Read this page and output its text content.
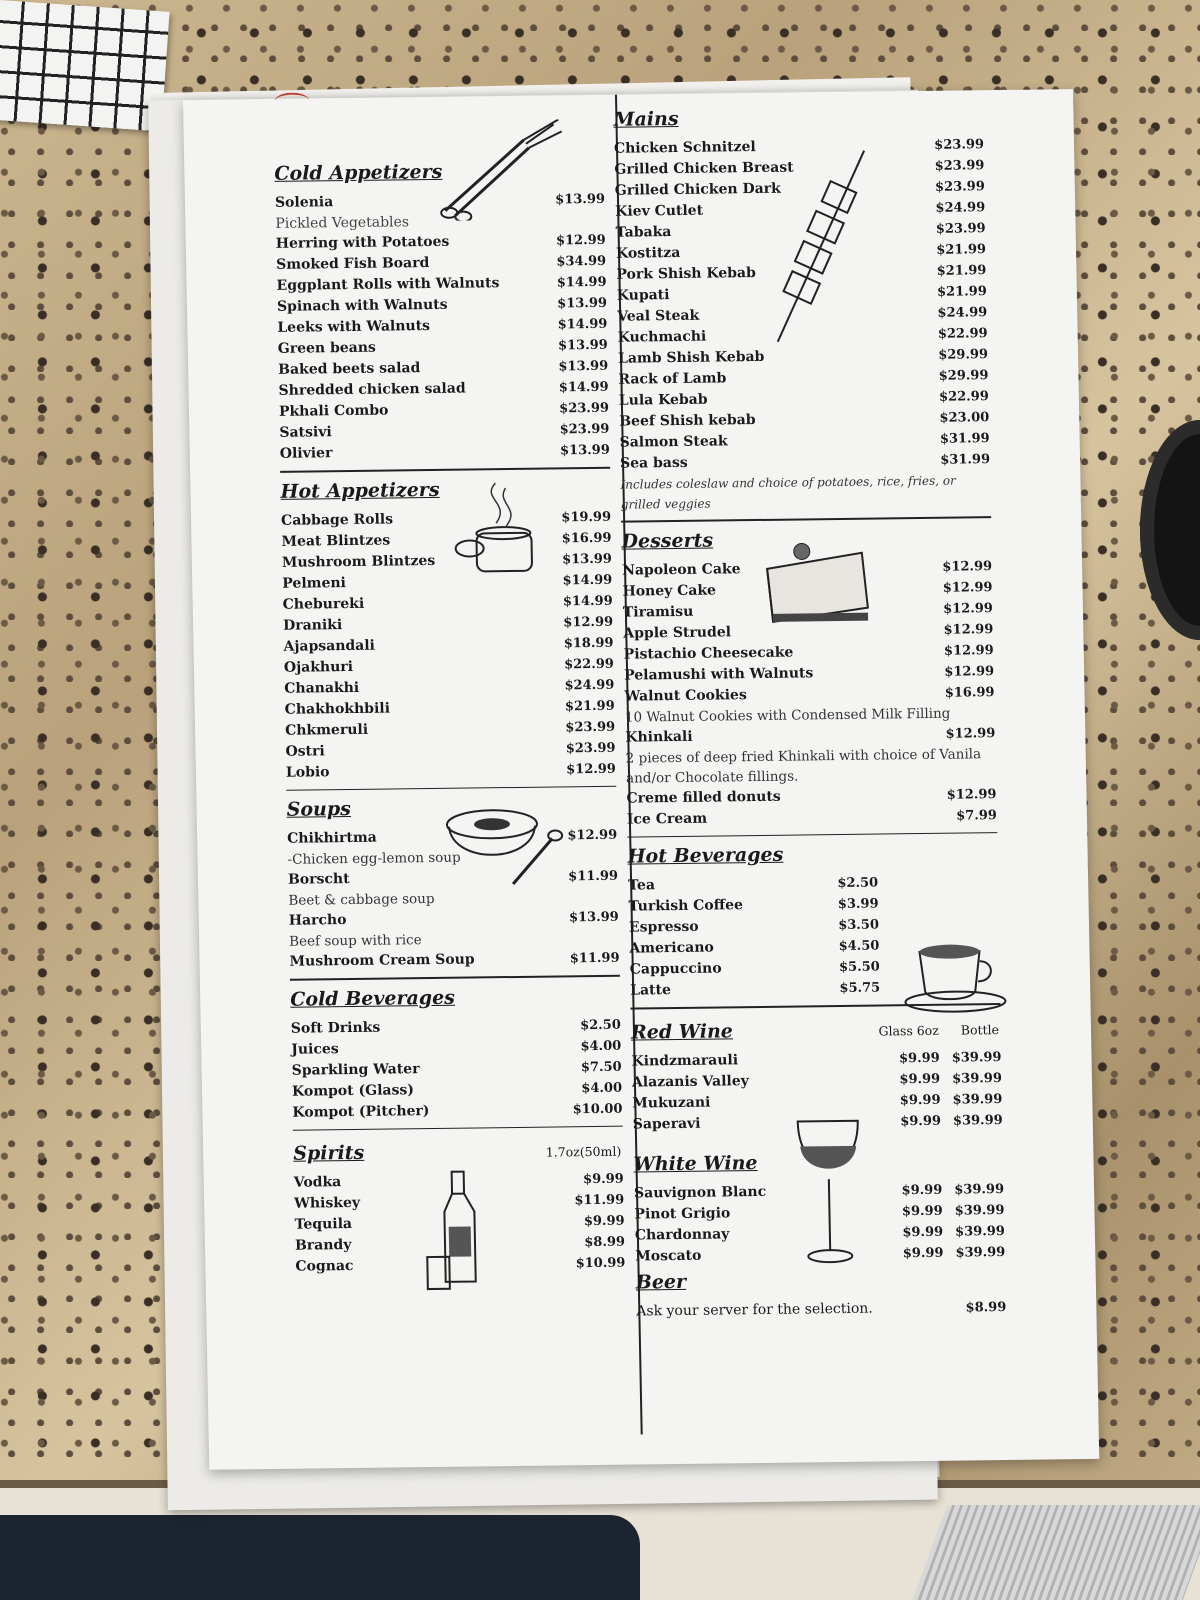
Cold Appetizers
Solenia	$13.99
Pickled Vegetables
Herring with Potatoes	$12.99
Smoked Fish Board	$34.99
Eggplant Rolls with Walnuts	$14.99
Spinach with Walnuts	$13.99
Leeks with Walnuts	$14.99
Green beans	$13.99
Baked beets salad	$13.99
Shredded chicken salad	$14.99
Pkhali Combo	$23.99
Satsivi	$23.99
Olivier	$13.99
Hot Appetizers
Cabbage Rolls	$19.99
Meat Blintzes	$16.99
Mushroom Blintzes	$13.99
Pelmeni	$14.99
Chebureki	$14.99
Draniki	$12.99
Ajapsandali	$18.99
Ojakhuri	$22.99
Chanakhi	$24.99
Chakhokhbili	$21.99
Chkmeruli	$23.99
Ostri	$23.99
Lobio	$12.99
Soups
Chikhirtma	$12.99
-Chicken egg-lemon soup
Borscht	$11.99
Beet & cabbage soup
Harcho	$13.99
Beef soup with rice
Mushroom Cream Soup	$11.99
Cold Beverages
Soft Drinks	$2.50
Juices	$4.00
Sparkling Water	$7.50
Kompot (Glass)	$4.00
Kompot (Pitcher)	$10.00
Spirits	1.7oz(50ml)
Vodka	$9.99
Whiskey	$11.99
Tequila	$9.99
Brandy	$8.99
Cognac	$10.99
Mains
Chicken Schnitzel	$23.99
Grilled Chicken Breast	$23.99
Grilled Chicken Dark	$23.99
Kiev Cutlet	$24.99
Tabaka	$23.99
Kostitza	$21.99
Pork Shish Kebab	$21.99
Kupati	$21.99
Veal Steak	$24.99
Kuchmachi	$22.99
Lamb Shish Kebab	$29.99
Rack of Lamb	$29.99
Lula Kebab	$22.99
Beef Shish kebab	$23.00
Salmon Steak	$31.99
Sea bass	$31.99
Includes coleslaw and choice of potatoes, rice, fries, or grilled veggies
Desserts
Napoleon Cake	$12.99
Honey Cake	$12.99
Tiramisu	$12.99
Apple Strudel	$12.99
Pistachio Cheesecake	$12.99
Pelamushi with Walnuts	$12.99
Walnut Cookies	$16.99
10 Walnut Cookies with Condensed Milk Filling
Khinkali	$12.99
2 pieces of deep fried Khinkali with choice of Vanila and/or Chocolate fillings.
Creme filled donuts	$12.99
Ice Cream	$7.99
Hot Beverages
Tea	$2.50
Turkish Coffee	$3.99
Espresso	$3.50
Americano	$4.50
Cappuccino	$5.50
Latte	$5.75
Red Wine	Glass 6oz Bottle
Kindzmarauli	$9.99 $39.99
Alazanis Valley	$9.99 $39.99
Mukuzani	$9.99 $39.99
Saperavi	$9.99 $39.99
White Wine
Sauvignon Blanc	$9.99 $39.99
Pinot Grigio	$9.99 $39.99
Chardonnay	$9.99 $39.99
Moscato	$9.99 $39.99
Beer
Ask your server for the selection.	$8.99
